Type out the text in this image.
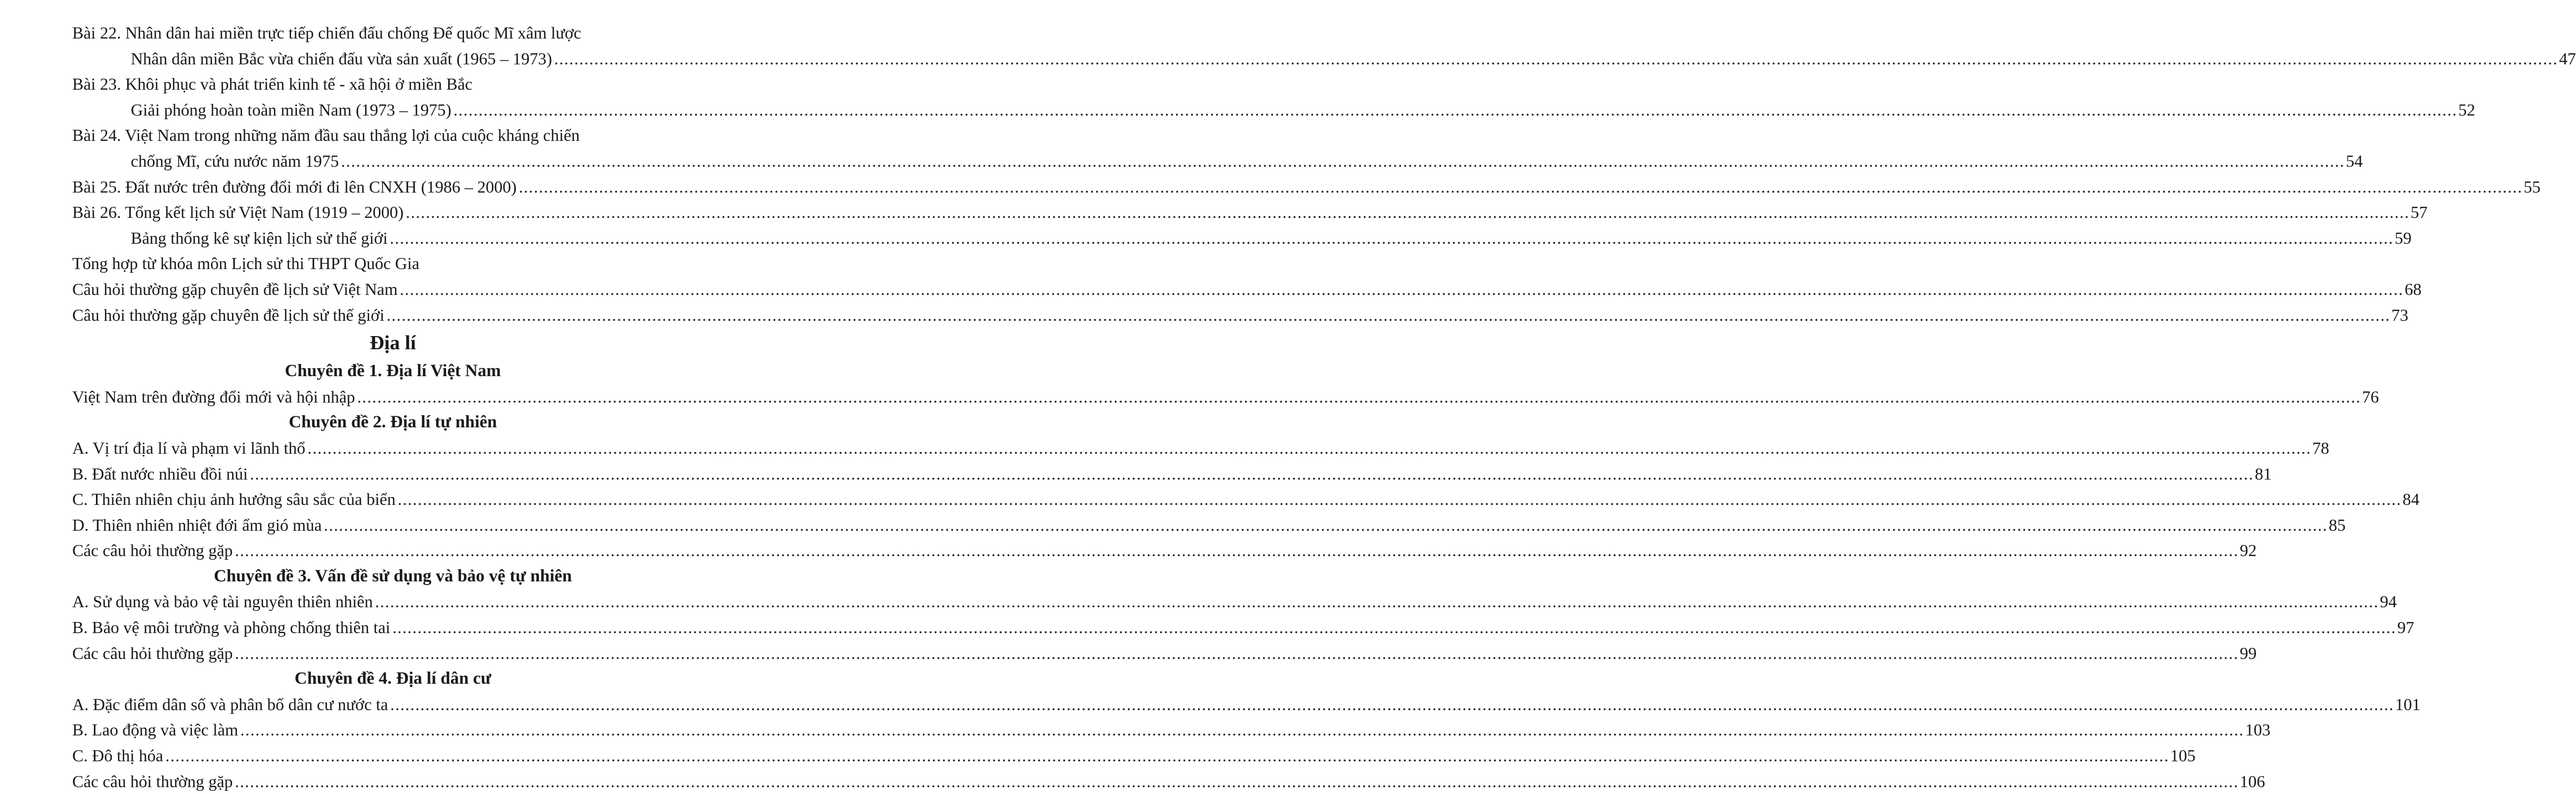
Bài 22. Nhân dân hai miền trực tiếp chiến đấu chống Đế quốc Mĩ xâm lược
Nhân dân miền Bắc vừa chiến đấu vừa sản xuất (1965 – 1973) ................................................................................................................................................................................................................................................................................................................................................................................................................ 47
Bài 23. Khôi phục và phát triển kinh tế - xã hội ở miền Bắc
Giải phóng hoàn toàn miền Nam (1973 – 1975) ................................................................................................................................................................................................................................................................................................................................................................................................................ 52
Bài 24. Việt Nam trong những năm đầu sau thắng lợi của cuộc kháng chiến
chống Mĩ, cứu nước năm 1975 ................................................................................................................................................................................................................................................................................................................................................................................................................ 54
Bài 25. Đất nước trên đường đổi mới đi lên CNXH (1986 – 2000) ................................................................................................................................................................................................................................................................................................................................................................................................................ 55
Bài 26. Tổng kết lịch sử Việt Nam (1919 – 2000) ................................................................................................................................................................................................................................................................................................................................................................................................................ 57
Bảng thống kê sự kiện lịch sử thế giới ................................................................................................................................................................................................................................................................................................................................................................................................................ 59
Tổng hợp từ khóa môn Lịch sử thi THPT Quốc Gia
Câu hỏi thường gặp chuyên đề lịch sử Việt Nam ................................................................................................................................................................................................................................................................................................................................................................................................................ 68
Câu hỏi thường gặp chuyên đề lịch sử thế giới ................................................................................................................................................................................................................................................................................................................................................................................................................ 73
Địa lí
Chuyên đề 1. Địa lí Việt Nam
Việt Nam trên đường đổi mới và hội nhập ................................................................................................................................................................................................................................................................................................................................................................................................................ 76
Chuyên đề 2. Địa lí tự nhiên
A. Vị trí địa lí và phạm vi lãnh thổ ................................................................................................................................................................................................................................................................................................................................................................................................................ 78
B. Đất nước nhiều đồi núi ................................................................................................................................................................................................................................................................................................................................................................................................................ 81
C. Thiên nhiên chịu ảnh hưởng sâu sắc của biển ................................................................................................................................................................................................................................................................................................................................................................................................................ 84
D. Thiên nhiên nhiệt đới ẩm gió mùa ................................................................................................................................................................................................................................................................................................................................................................................................................ 85
Các câu hỏi thường gặp ................................................................................................................................................................................................................................................................................................................................................................................................................ 92
Chuyên đề 3. Vấn đề sử dụng và bảo vệ tự nhiên
A. Sử dụng và bảo vệ tài nguyên thiên nhiên ................................................................................................................................................................................................................................................................................................................................................................................................................ 94
B. Bảo vệ môi trường và phòng chống thiên tai ................................................................................................................................................................................................................................................................................................................................................................................................................ 97
Các câu hỏi thường gặp ................................................................................................................................................................................................................................................................................................................................................................................................................ 99
Chuyên đề 4. Địa lí dân cư
A. Đặc điểm dân số và phân bố dân cư nước ta ................................................................................................................................................................................................................................................................................................................................................................................................................ 101
B. Lao động và việc làm ................................................................................................................................................................................................................................................................................................................................................................................................................ 103
C. Đô thị hóa ................................................................................................................................................................................................................................................................................................................................................................................................................ 105
Các câu hỏi thường gặp ................................................................................................................................................................................................................................................................................................................................................................................................................ 106
